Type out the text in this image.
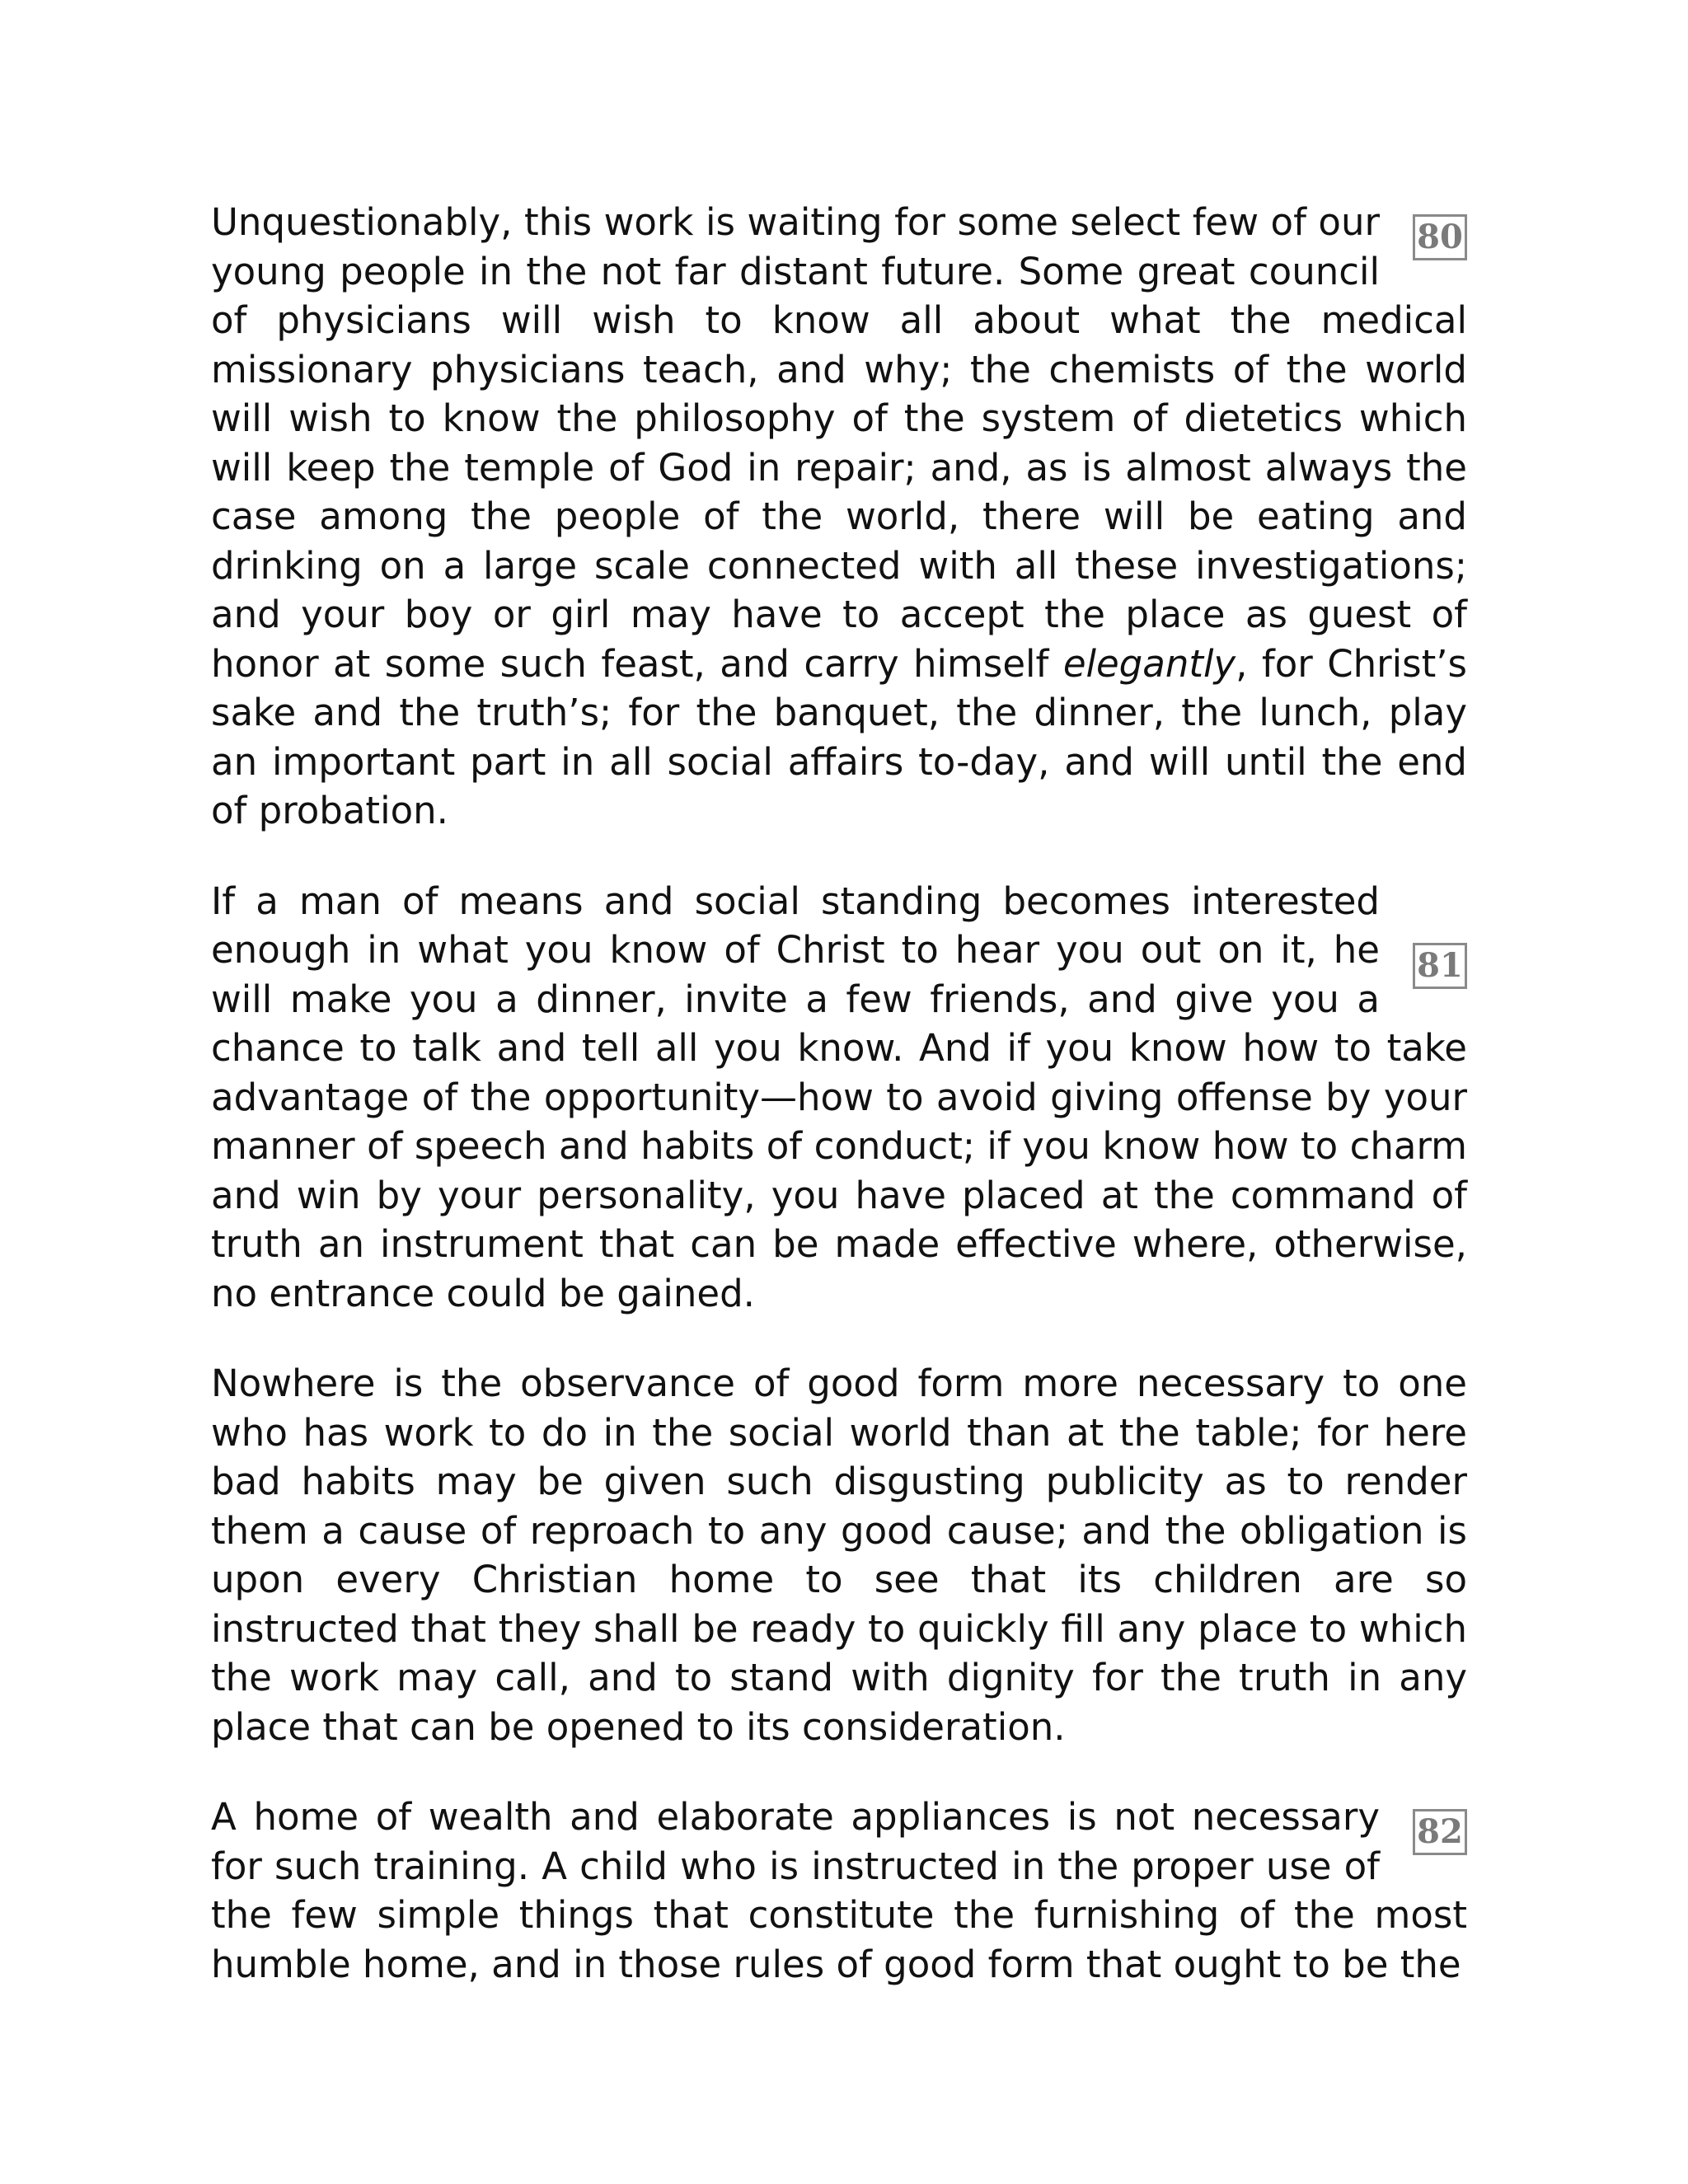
80
Unquestionably, this work is waiting for some select few of our young people in the not far distant future. Some great council of physicians will wish to know all about what the medical missionary physicians teach, and why; the chemists of the world will wish to know the philosophy of the system of dietetics which will keep the temple of God in repair; and, as is almost always the case among the people of the world, there will be eating and drinking on a large scale connected with all these investigations; and your boy or girl may have to accept the place as guest of honor at some such feast, and carry himself elegantly, for Christ’s sake and the truth’s; for the banquet, the dinner, the lunch, play an important part in all social affairs to-day, and will until the end of probation.

81
If a man of means and social standing becomes interested enough in what you know of Christ to hear you out on it, he will make you a dinner, invite a few friends, and give you a chance to talk and tell all you know. And if you know how to take advantage of the opportunity—how to avoid giving offense by your manner of speech and habits of conduct; if you know how to charm and win by your personality, you have placed at the command of truth an instrument that can be made effective where, otherwise, no entrance could be gained.

Nowhere is the observance of good form more necessary to one who has work to do in the social world than at the table; for here bad habits may be given such disgusting publicity as to render them a cause of reproach to any good cause; and the obligation is upon every Christian home to see that its children are so instructed that they shall be ready to quickly fill any place to which the work may call, and to stand with dignity for the truth in any place that can be opened to its consideration.

82
A home of wealth and elaborate appliances is not necessary for such training. A child who is instructed in the proper use of the few simple things that constitute the furnishing of the most humble home, and in those rules of good form that ought to be the
